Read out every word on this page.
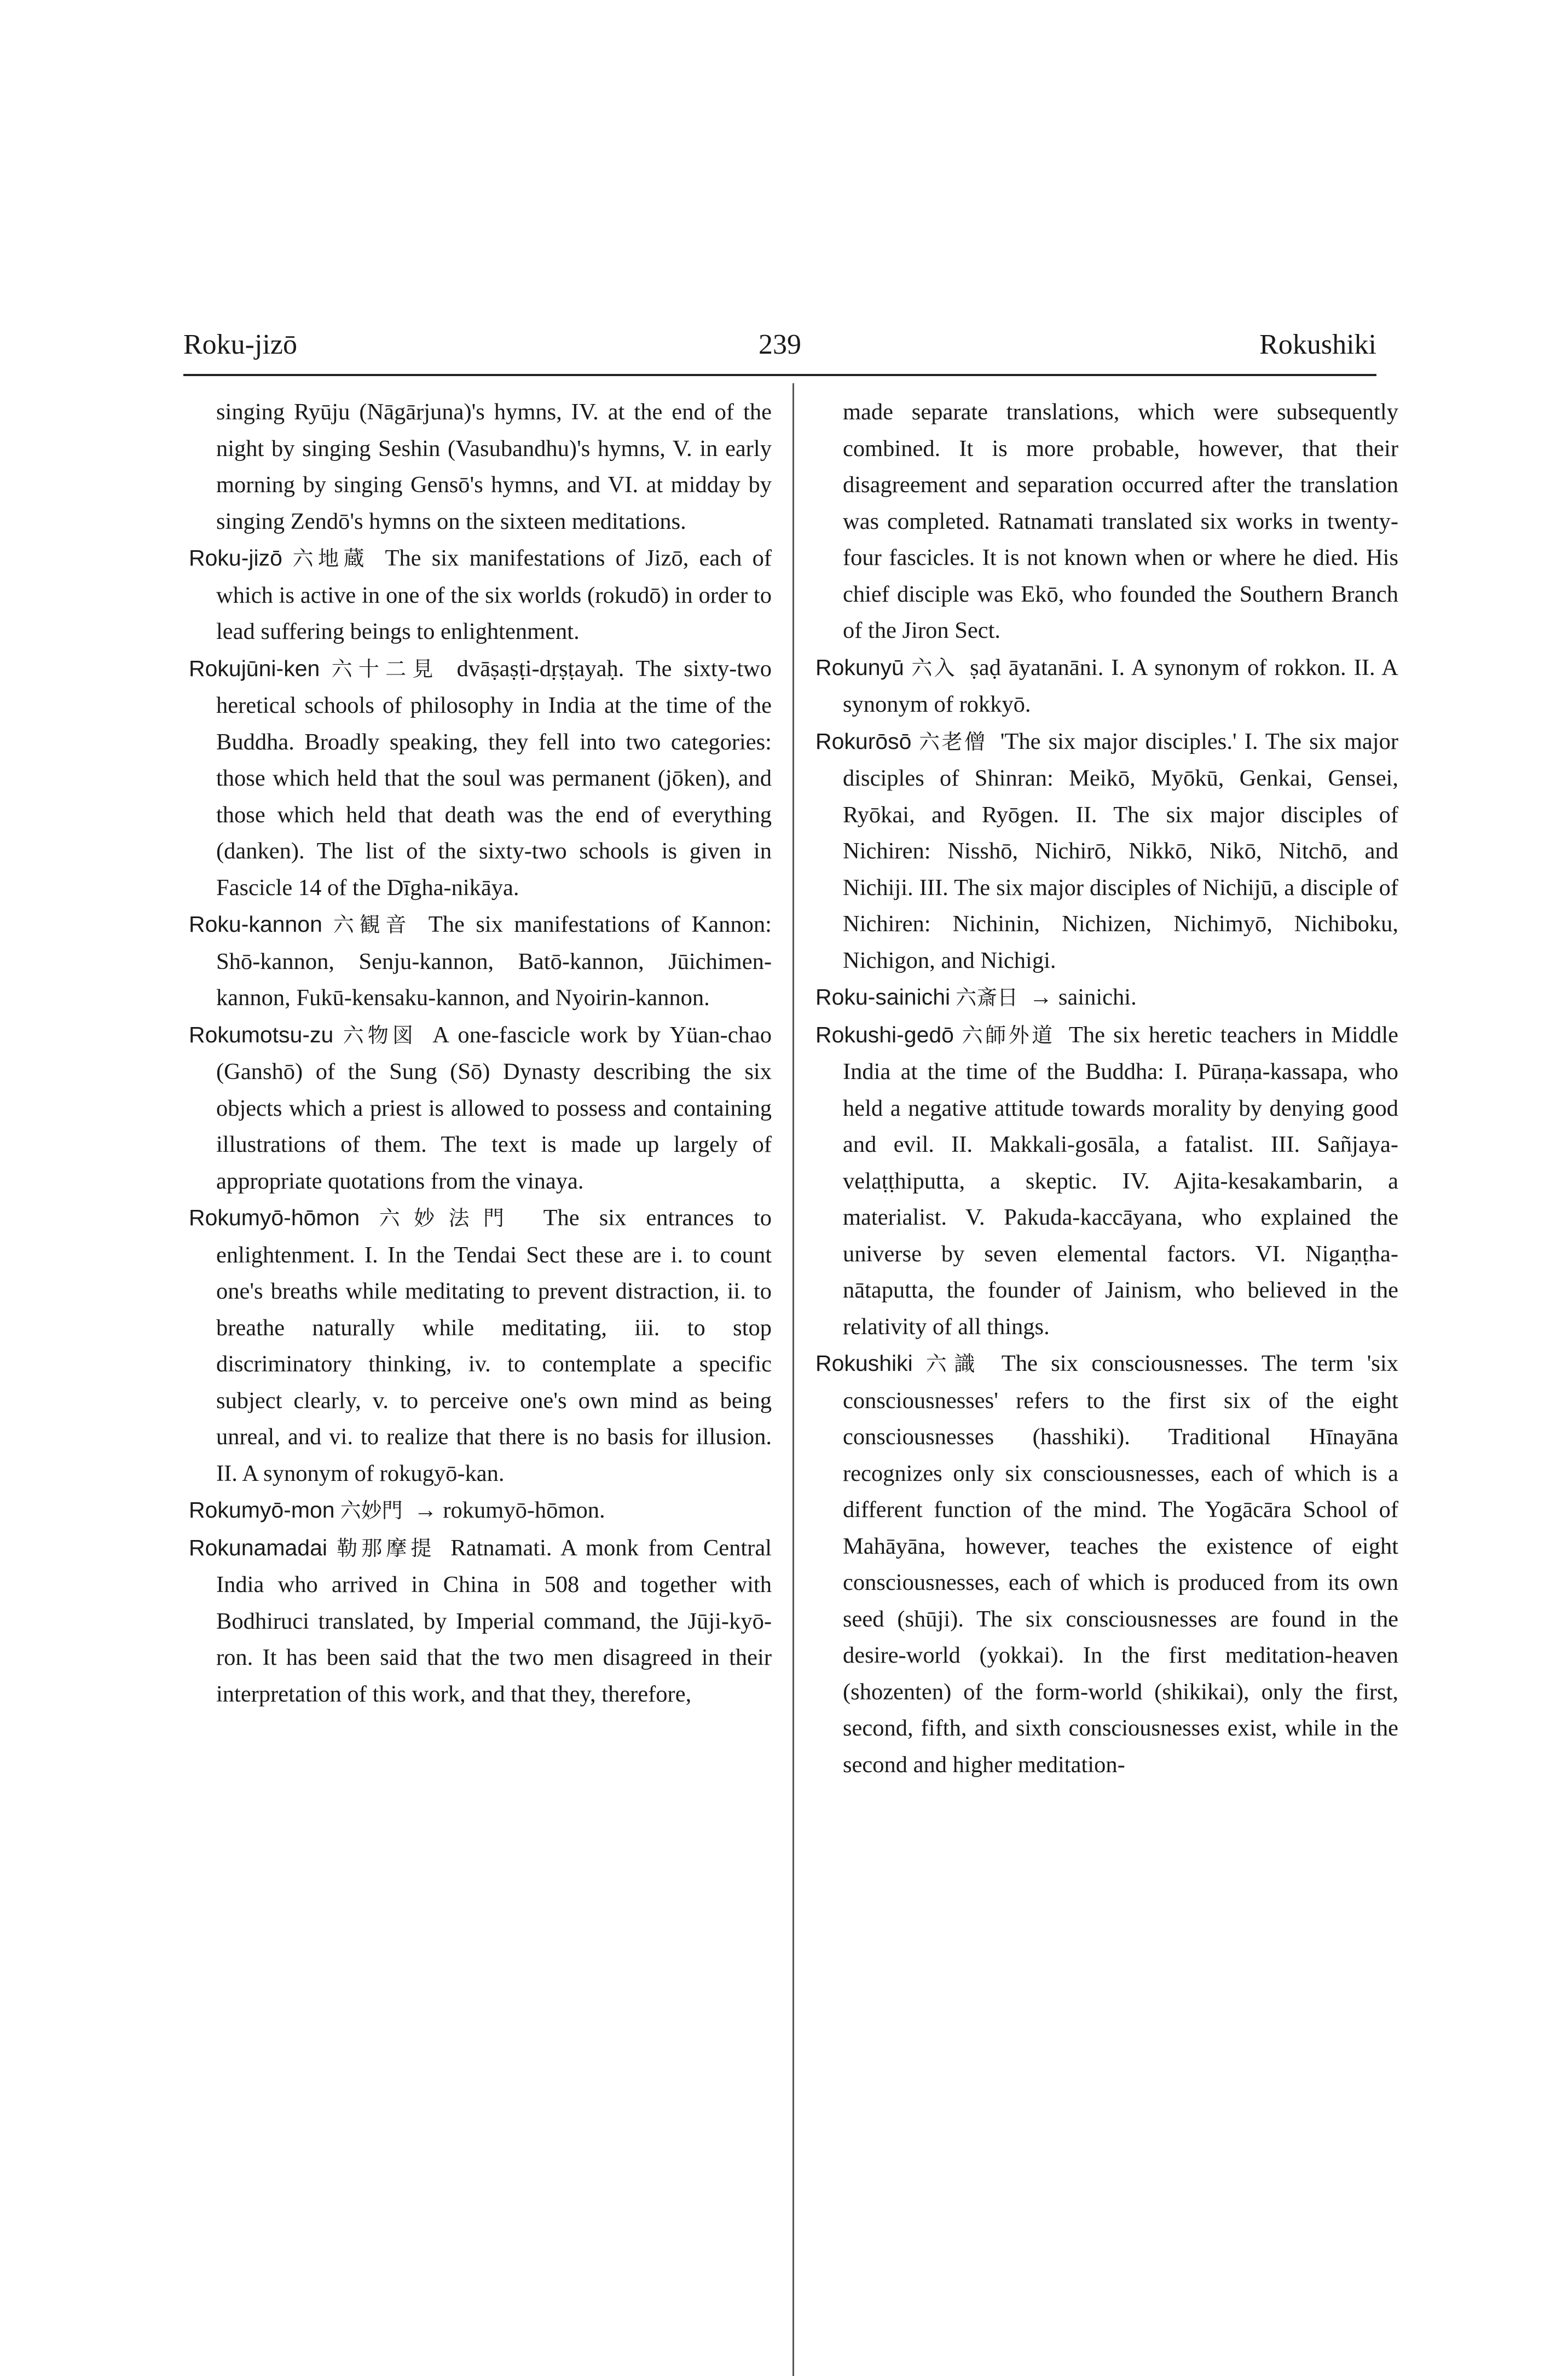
Roku-jizō	239	Rokushiki

singing Ryūju (Nāgārjuna)'s hymns, IV. at the end of the night by singing Seshin (Vasubandhu)'s hymns, V. in early morning by singing Gensō's hymns, and VI. at midday by singing Zendō's hymns on the sixteen meditations.

Roku-jizō 六地蔵 The six manifestations of Jizō, each of which is active in one of the six worlds (rokudō) in order to lead suffering beings to enlightenment.

Rokujūni-ken 六十二見 dvāṣaṣṭi-dṛṣṭayaḥ. The sixty-two heretical schools of philosophy in India at the time of the Buddha. Broadly speaking, they fell into two categories: those which held that the soul was permanent (jōken), and those which held that death was the end of everything (danken). The list of the sixty-two schools is given in Fascicle 14 of the Dīgha-nikāya.

Roku-kannon 六観音 The six manifestations of Kannon: Shō-kannon, Senju-kannon, Batō-kannon, Jūichimen-kannon, Fukū-kensaku-kannon, and Nyoirin-kannon.

Rokumotsu-zu 六物図 A one-fascicle work by Yüan-chao (Ganshō) of the Sung (Sō) Dynasty describing the six objects which a priest is allowed to possess and containing illustrations of them. The text is made up largely of appropriate quotations from the vinaya.

Rokumyō-hōmon 六妙法門 The six entrances to enlightenment. I. In the Tendai Sect these are i. to count one's breaths while meditating to prevent distraction, ii. to breathe naturally while meditating, iii. to stop discriminatory thinking, iv. to contemplate a specific subject clearly, v. to perceive one's own mind as being unreal, and vi. to realize that there is no basis for illusion. II. A synonym of rokugyō-kan.

Rokumyō-mon 六妙門 → rokumyō-hōmon.

Rokunamadai 勒那摩提 Ratnamati. A monk from Central India who arrived in China in 508 and together with Bodhiruci translated, by Imperial command, the Jūji-kyō-ron. It has been said that the two men disagreed in their interpretation of this work, and that they, therefore,

made separate translations, which were subsequently combined. It is more probable, however, that their disagreement and separation occurred after the translation was completed. Ratnamati translated six works in twenty-four fascicles. It is not known when or where he died. His chief disciple was Ekō, who founded the Southern Branch of the Jiron Sect.

Rokunyū 六入 ṣaḍ āyatanāni. I. A synonym of rokkon. II. A synonym of rokkyō.

Rokurōsō 六老僧 'The six major disciples.' I. The six major disciples of Shinran: Meikō, Myōkū, Genkai, Gensei, Ryōkai, and Ryōgen. II. The six major disciples of Nichiren: Nisshō, Nichirō, Nikkō, Nikō, Nitchō, and Nichiji. III. The six major disciples of Nichijū, a disciple of Nichiren: Nichinin, Nichizen, Nichimyō, Nichiboku, Nichigon, and Nichigi.

Roku-sainichi 六斎日 → sainichi.

Rokushi-gedō 六師外道 The six heretic teachers in Middle India at the time of the Buddha: I. Pūraṇa-kassapa, who held a negative attitude towards morality by denying good and evil. II. Makkali-gosāla, a fatalist. III. Sañjaya-velaṭṭhiputta, a skeptic. IV. Ajita-kesakambarin, a materialist. V. Pakuda-kaccāyana, who explained the universe by seven elemental factors. VI. Nigaṇṭha-nātaputta, the founder of Jainism, who believed in the relativity of all things.

Rokushiki 六識 The six consciousnesses. The term 'six consciousnesses' refers to the first six of the eight consciousnesses (hasshiki). Traditional Hīnayāna recognizes only six consciousnesses, each of which is a different function of the mind. The Yogācāra School of Mahāyāna, however, teaches the existence of eight consciousnesses, each of which is produced from its own seed (shūji). The six consciousnesses are found in the desire-world (yokkai). In the first meditation-heaven (shozenten) of the form-world (shikikai), only the first, second, fifth, and sixth consciousnesses exist, while in the second and higher meditation-
